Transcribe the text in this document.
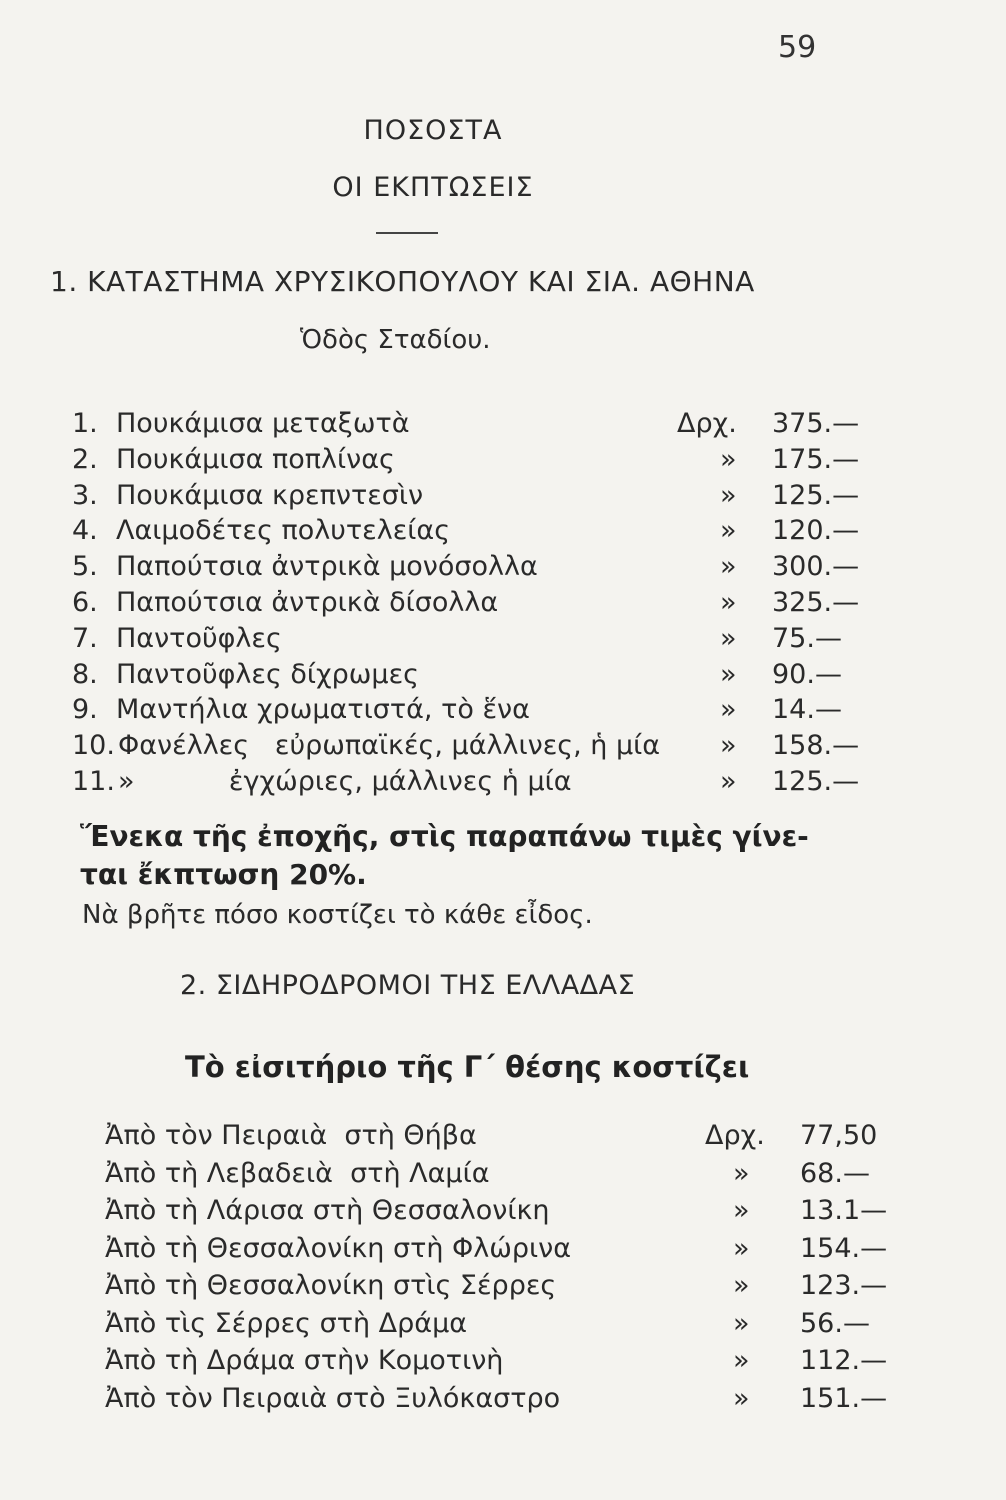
59
ΠΟΣΟΣΤΑ
ΟΙ ΕΚΠΤΩΣΕΙΣ
1. ΚΑΤΑΣΤΗΜΑ ΧΡΥΣΙΚΟΠΟΥΛΟΥ ΚΑΙ ΣΙΑ. ΑΘΗΝΑ
Ὁδὸς Σταδίου.
1. Πουκάμισα μεταξωτὰ	Δρχ. 375.—
2. Πουκάμισα ποπλίνας	» 175.—
3. Πουκάμισα κρεπντεσὶν	» 125.—
4. Λαιμοδέτες πολυτελείας	» 120.—
5. Παπούτσια ἀντρικὰ μονόσολλα	» 300.—
6. Παπούτσια ἀντρικὰ δίσολλα	» 325.—
7. Παντοῦφλες	» 75.—
8. Παντοῦφλες δίχρωμες	» 90.—
9. Μαντήλια χρωματιστά, τὸ ἕνα	» 14.—
10. Φανέλλες   εὐρωπαϊκές, μάλλινες, ἡ μία » 158.—
11. »           ἐγχώριες, μάλλινες ἡ μία	» 125.—
Ἕνεκα τῆς ἐποχῆς, στὶς παραπάνω τιμὲς γίνε-
ται ἔκπτωση 20%.
Νὰ βρῆτε πόσο κοστίζει τὸ κάθε εἶδος.
2. ΣΙΔΗΡΟΔΡΟΜΟΙ ΤΗΣ ΕΛΛΑΔΑΣ
Τὸ εἰσιτήριο τῆς Γ΄ θέσης κοστίζει
Ἀπὸ τὸν Πειραιὰ  στὴ Θήβα	Δρχ. 77,50
Ἀπὸ τὴ Λεβαδειὰ  στὴ Λαμία	» 68.—
Ἀπὸ τὴ Λάρισα στὴ Θεσσαλονίκη	» 13.1—
Ἀπὸ τὴ Θεσσαλονίκη στὴ Φλώρινα	» 154.—
Ἀπὸ τὴ Θεσσαλονίκη στὶς Σέρρες	» 123.—
Ἀπὸ τὶς Σέρρες στὴ Δράμα	» 56.—
Ἀπὸ τὴ Δράμα στὴν Κομοτινὴ	» 112.—
Ἀπὸ τὸν Πειραιὰ στὸ Ξυλόκαστρο	» 151.—
